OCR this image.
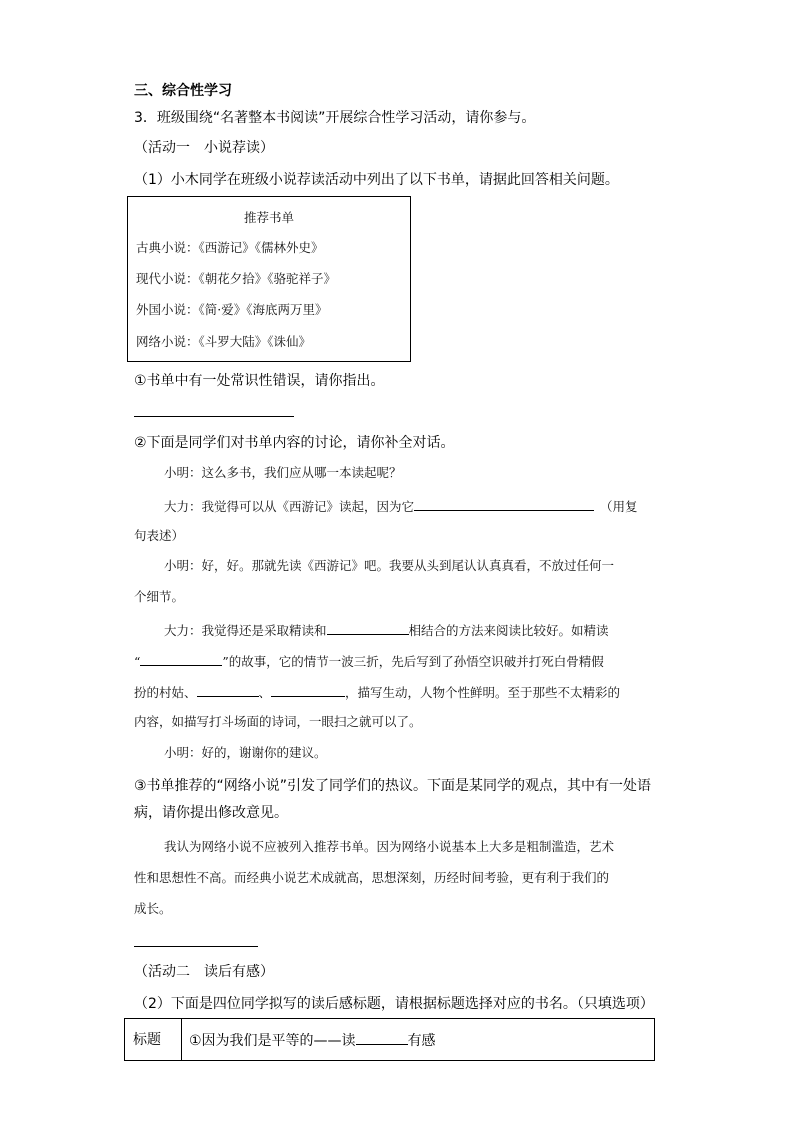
三、综合性学习
3．班级围绕“名著整本书阅读”开展综合性学习活动，请你参与。
（活动一　小说荐读）
（1）小木同学在班级小说荐读活动中列出了以下书单，请据此回答相关问题。
推荐书单
古典小说：《西游记》《儒林外史》
现代小说：《朝花夕拾》《骆驼祥子》
外国小说：《简·爱》《海底两万里》
网络小说：《斗罗大陆》《诛仙》
①书单中有一处常识性错误，请你指出。
②下面是同学们对书单内容的讨论，请你补全对话。
小明：这么多书，我们应从哪一本读起呢？
大力：我觉得可以从《西游记》读起，因为它	（用复
句表述）
小明：好，好。那就先读《西游记》吧。我要从头到尾认认真真看，不放过任何一
个细节。
大力：我觉得还是采取精读和	相结合的方法来阅读比较好。如精读
“	”的故事，它的情节一波三折，先后写到了孙悟空识破并打死白骨精假
扮的村姑、	、	，描写生动，人物个性鲜明。至于那些不太精彩的
内容，如描写打斗场面的诗词，一眼扫之就可以了。
小明：好的，谢谢你的建议。
③书单推荐的“网络小说”引发了同学们的热议。下面是某同学的观点，其中有一处语
病，请你提出修改意见。
我认为网络小说不应被列入推荐书单。因为网络小说基本上大多是粗制滥造，艺术
性和思想性不高。而经典小说艺术成就高，思想深刻，历经时间考验，更有利于我们的
成长。
（活动二　读后有感）
（2）下面是四位同学拟写的读后感标题，请根据标题选择对应的书名。（只填选项）
标题 ①因为我们是平等的——读	有感
